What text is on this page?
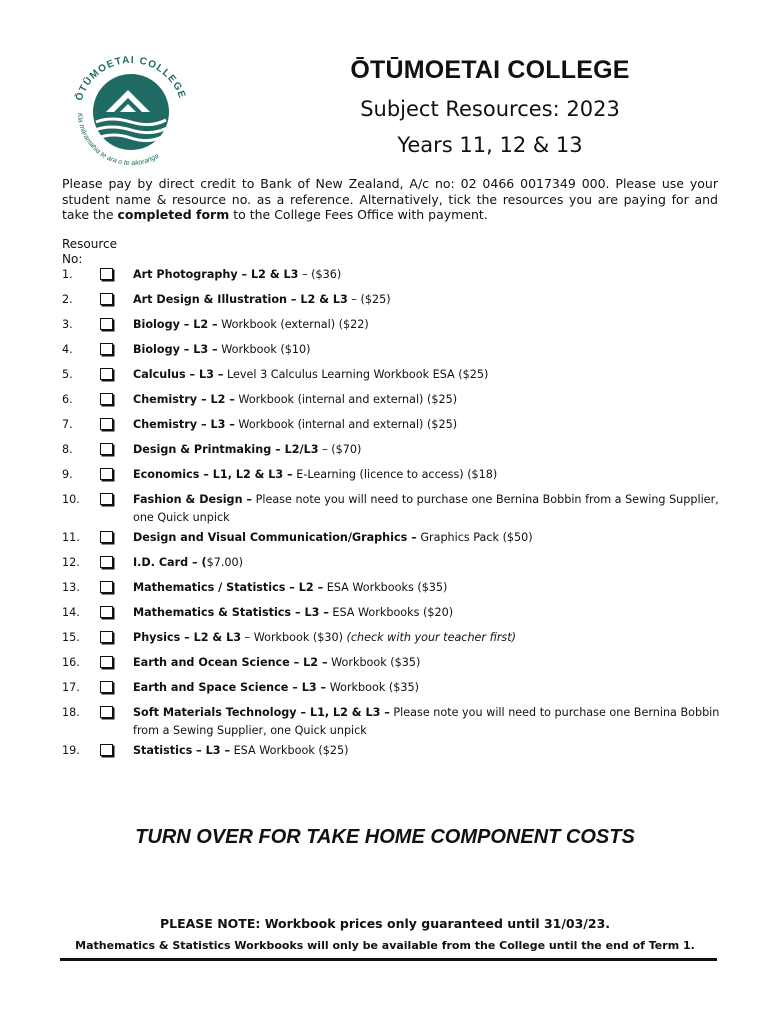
ŌTŪMOETAI COLLEGE
Kia māramahia te ara o te akoranga
ŌTŪMOETAI COLLEGE
Subject Resources: 2023
Years 11, 12 & 13
Please pay by direct credit to Bank of New Zealand, A/c no: 02 0466 0017349 000. Please use your student name & resource no. as a reference. Alternatively, tick the resources you are paying for and take the completed form to the College Fees Office with payment.
Resource No:
1.	Art Photography – L2 & L3 – ($36)
2.	Art Design & Illustration – L2 & L3 – ($25)
3.	Biology – L2 – Workbook (external) ($22)
4.	Biology – L3 – Workbook ($10)
5.	Calculus – L3 – Level 3 Calculus Learning Workbook ESA ($25)
6.	Chemistry – L2 – Workbook (internal and external) ($25)
7.	Chemistry – L3 – Workbook (internal and external) ($25)
8.	Design & Printmaking – L2/L3 – ($70)
9.	Economics – L1, L2 & L3 – E-Learning (licence to access) ($18)
10.	Fashion & Design – Please note you will need to purchase one Bernina Bobbin from a Sewing Supplier, one Quick unpick
11.	Design and Visual Communication/Graphics – Graphics Pack ($50)
12.	I.D. Card – ($7.00)
13.	Mathematics / Statistics – L2 – ESA Workbooks ($35)
14.	Mathematics & Statistics – L3 – ESA Workbooks ($20)
15.	Physics – L2 & L3 – Workbook ($30) (check with your teacher first)
16.	Earth and Ocean Science – L2 – Workbook ($35)
17.	Earth and Space Science – L3 – Workbook ($35)
18.	Soft Materials Technology – L1, L2 & L3 – Please note you will need to purchase one Bernina Bobbin from a Sewing Supplier, one Quick unpick
19.	Statistics – L3 – ESA Workbook ($25)
TURN OVER FOR TAKE HOME COMPONENT COSTS
PLEASE NOTE: Workbook prices only guaranteed until 31/03/23.
Mathematics & Statistics Workbooks will only be available from the College until the end of Term 1.
